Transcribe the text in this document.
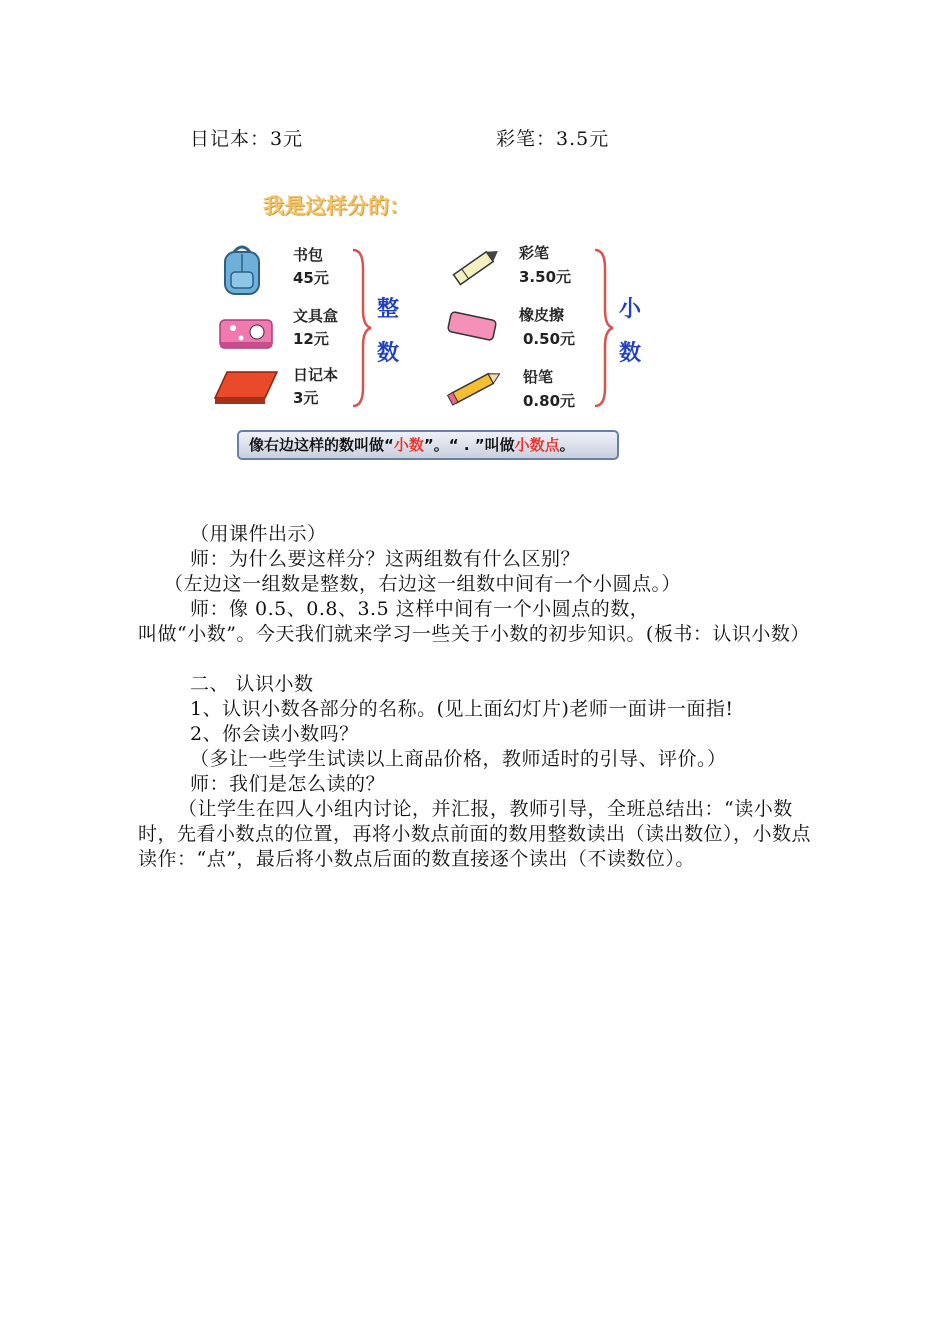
日记本：3元	彩笔：3.5元
我是这样分的：
书包
45元
文具盒
12元
日记本
3元
整
数
彩笔
3.50元
橡皮擦
0.50元
铅笔
0.80元
小
数
像右边这样的数叫做“小数”。“ . ”叫做小数点。
（用课件出示）
师：为什么要这样分？这两组数有什么区别？
（左边这一组数是整数，右边这一组数中间有一个小圆点。）
师：像 0.5、0.8、3.5 这样中间有一个小圆点的数，
叫做“小数”。今天我们就来学习一些关于小数的初步知识。(板书：认识小数）
二、 认识小数
1、认识小数各部分的名称。(见上面幻灯片)老师一面讲一面指!
2、你会读小数吗？
（多让一些学生试读以上商品价格，教师适时的引导、评价。）
师：我们是怎么读的？
（让学生在四人小组内讨论，并汇报，教师引导，全班总结出：“读小数时，先看小数点的位置，再将小数点前面的数用整数读出（读出数位），小数点读作：“点”，最后将小数点后面的数直接逐个读出（不读数位）。
